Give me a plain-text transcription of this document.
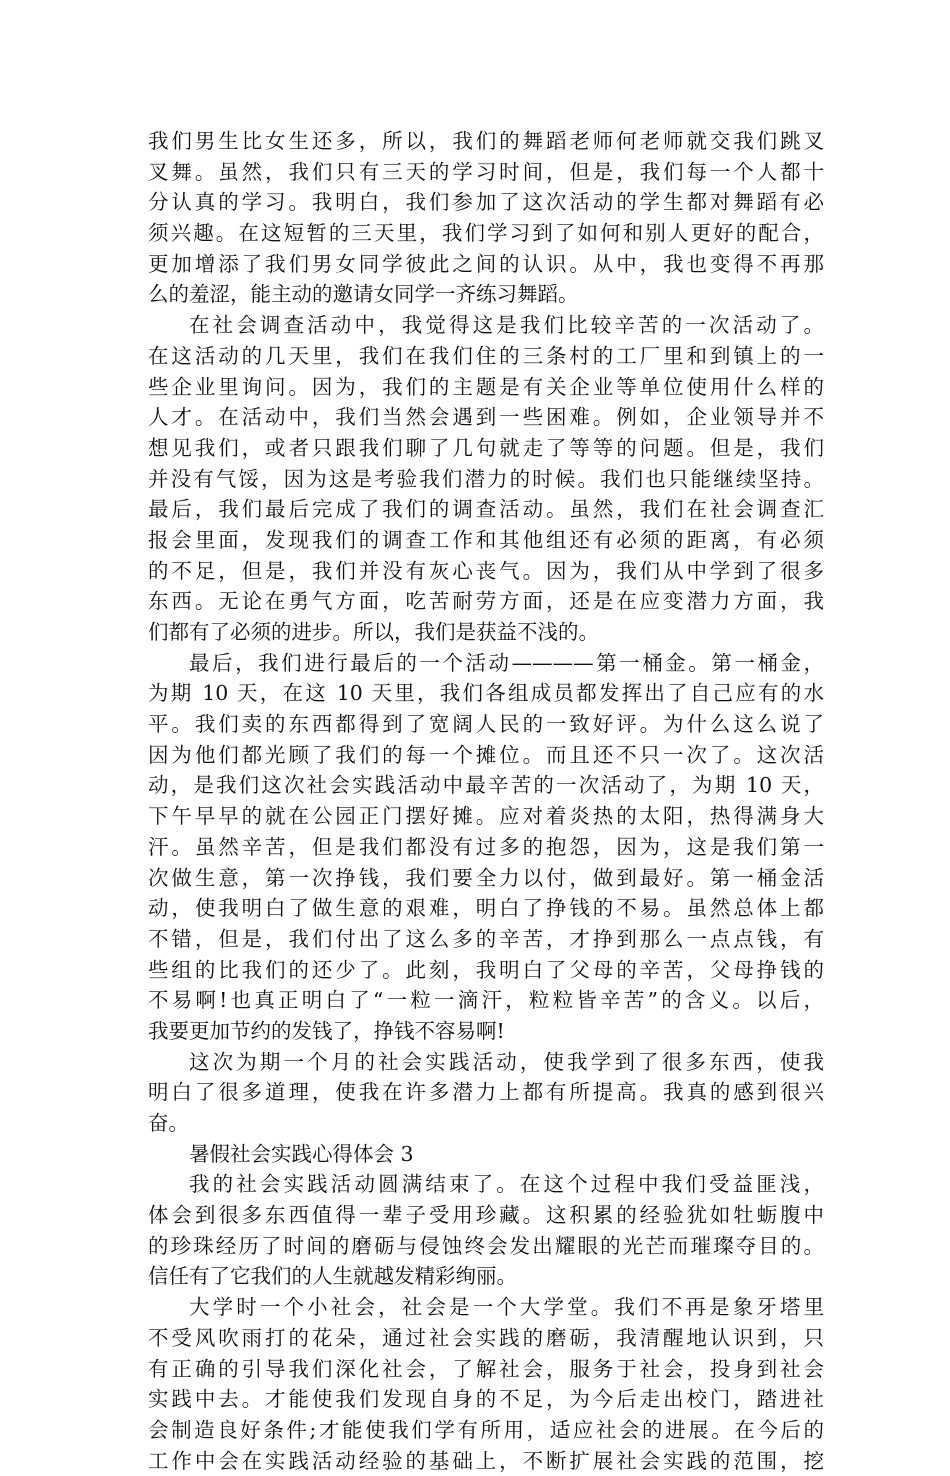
我们男生比女生还多，所以，我们的舞蹈老师何老师就交我们跳叉
叉舞。虽然，我们只有三天的学习时间，但是，我们每一个人都十
分认真的学习。我明白，我们参加了这次活动的学生都对舞蹈有必
须兴趣。在这短暂的三天里，我们学习到了如何和别人更好的配合，
更加增添了我们男女同学彼此之间的认识。从中，我也变得不再那
么的羞涩，能主动的邀请女同学一齐练习舞蹈。
在社会调查活动中，我觉得这是我们比较辛苦的一次活动了。
在这活动的几天里，我们在我们住的三条村的工厂里和到镇上的一
些企业里询问。因为，我们的主题是有关企业等单位使用什么样的
人才。在活动中，我们当然会遇到一些困难。例如，企业领导并不
想见我们，或者只跟我们聊了几句就走了等等的问题。但是，我们
并没有气馁，因为这是考验我们潜力的时候。我们也只能继续坚持。
最后，我们最后完成了我们的调查活动。虽然，我们在社会调查汇
报会里面，发现我们的调查工作和其他组还有必须的距离，有必须
的不足，但是，我们并没有灰心丧气。因为，我们从中学到了很多
东西。无论在勇气方面，吃苦耐劳方面，还是在应变潜力方面，我
们都有了必须的进步。所以，我们是获益不浅的。
最后，我们进行最后的一个活动————第一桶金。第一桶金，
为期 10 天，在这 10 天里，我们各组成员都发挥出了自己应有的水
平。我们卖的东西都得到了宽阔人民的一致好评。为什么这么说了
因为他们都光顾了我们的每一个摊位。而且还不只一次了。这次活
动，是我们这次社会实践活动中最辛苦的一次活动了，为期 10 天，
下午早早的就在公园正门摆好摊。应对着炎热的太阳，热得满身大
汗。虽然辛苦，但是我们都没有过多的抱怨，因为，这是我们第一
次做生意，第一次挣钱，我们要全力以付，做到最好。第一桶金活
动，使我明白了做生意的艰难，明白了挣钱的不易。虽然总体上都
不错，但是，我们付出了这么多的辛苦，才挣到那么一点点钱，有
些组的比我们的还少了。此刻，我明白了父母的辛苦，父母挣钱的
不易啊!也真正明白了“一粒一滴汗，粒粒皆辛苦”的含义。以后，
我要更加节约的发钱了，挣钱不容易啊!
这次为期一个月的社会实践活动，使我学到了很多东西，使我
明白了很多道理，使我在许多潜力上都有所提高。我真的感到很兴
奋。
暑假社会实践心得体会 3
我的社会实践活动圆满结束了。在这个过程中我们受益匪浅，
体会到很多东西值得一辈子受用珍藏。这积累的经验犹如牡蛎腹中
的珍珠经历了时间的磨砺与侵蚀终会发出耀眼的光芒而璀璨夺目的。
信任有了它我们的人生就越发精彩绚丽。
大学时一个小社会，社会是一个大学堂。我们不再是象牙塔里
不受风吹雨打的花朵，通过社会实践的磨砺，我清醒地认识到，只
有正确的引导我们深化社会，了解社会，服务于社会，投身到社会
实践中去。才能使我们发现自身的不足，为今后走出校门，踏进社
会制造良好条件;才能使我们学有所用，适应社会的进展。在今后的
工作中会在实践活动经验的基础上，不断扩展社会实践的范围，挖
